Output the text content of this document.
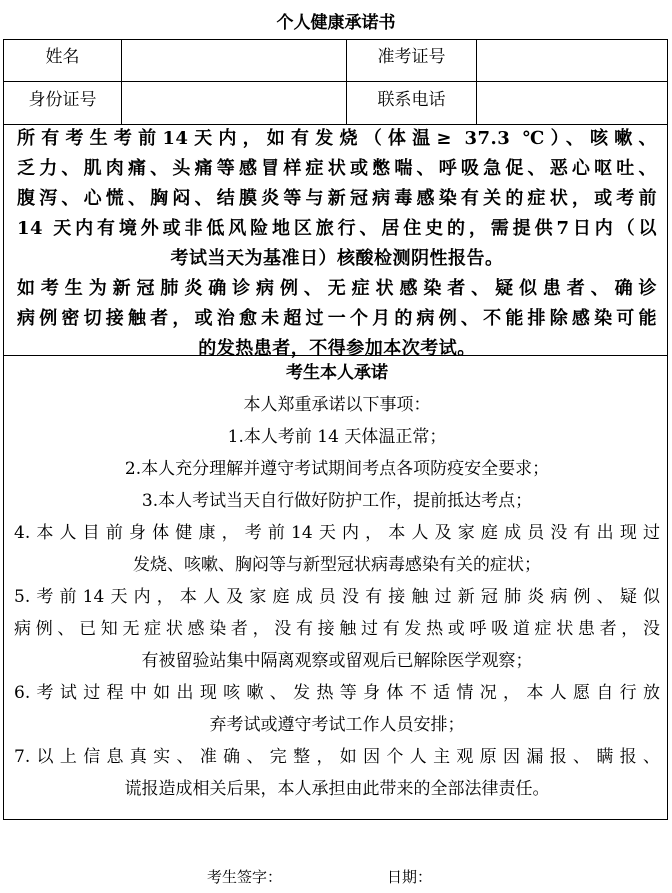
个人健康承诺书
姓名	准考证号
身份证号	联系电话

所有考生考前14天内，如有发烧（体温≥ 37.3 ℃）、咳嗽、

乏力、肌肉痛、头痛等感冒样症状或憋喘、呼吸急促、恶心呕吐、

腹泻、心慌、胸闷、结膜炎等与新冠病毒感染有关的症状，或考前

14 天内有境外或非低风险地区旅行、居住史的，需提供7日内（以

考试当天为基准日）核酸检测阴性报告。

如考生为新冠肺炎确诊病例、无症状感染者、疑似患者、确诊

病例密切接触者，或治愈未超过一个月的病例、不能排除感染可能

的发热患者，不得参加本次考试。

考生本人承诺

本人郑重承诺以下事项：

1.本人考前 14 天体温正常；

2.本人充分理解并遵守考试期间考点各项防疫安全要求；

3.本人考试当天自行做好防护工作，提前抵达考点；

4.本人目前身体健康，考前14天内，本人及家庭成员没有出现过

发烧、咳嗽、胸闷等与新型冠状病毒感染有关的症状；

5.考前14天内，本人及家庭成员没有接触过新冠肺炎病例、疑似

病例、已知无症状感染者，没有接触过有发热或呼吸道症状患者，没

有被留验站集中隔离观察或留观后已解除医学观察；

6.考试过程中如出现咳嗽、发热等身体不适情况，本人愿自行放

弃考试或遵守考试工作人员安排；

7.以上信息真实、准确、完整，如因个人主观原因漏报、瞒报、

谎报造成相关后果，本人承担由此带来的全部法律责任。

考生签字：	日期：
